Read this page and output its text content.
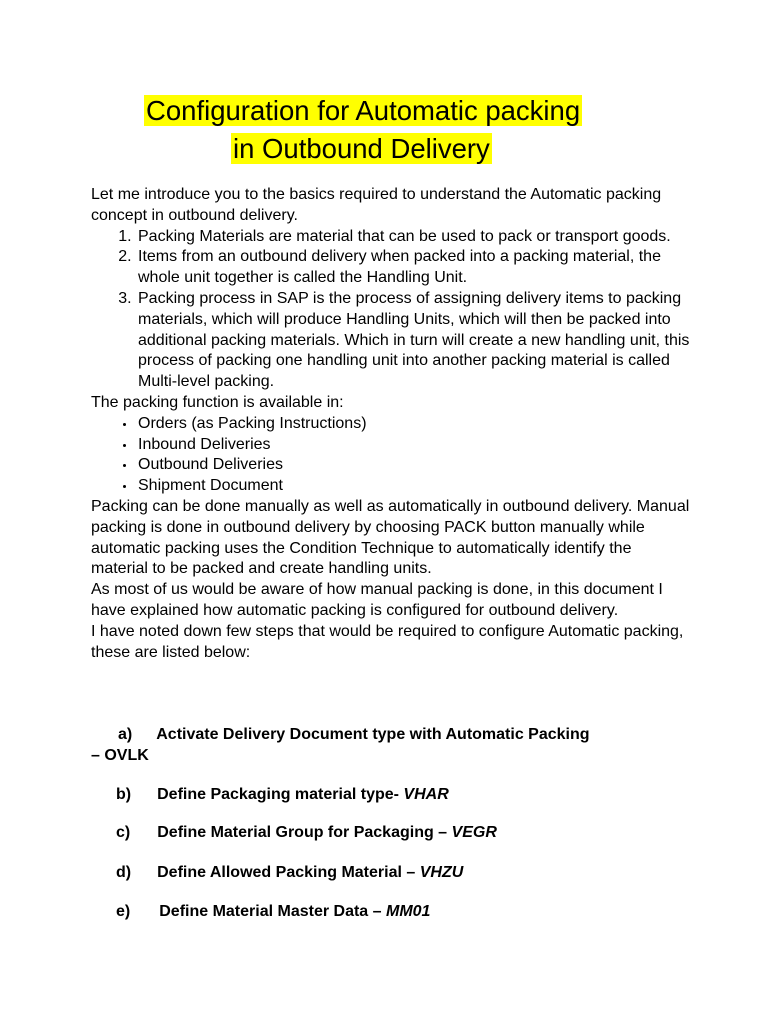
Configuration for Automatic packing
in Outbound Delivery

Let me introduce you to the basics required to understand the Automatic packing concept in outbound delivery.

1. Packing Materials are material that can be used to pack or transport goods.
2. Items from an outbound delivery when packed into a packing material, the whole unit together is called the Handling Unit.
3. Packing process in SAP is the process of assigning delivery items to packing materials, which will produce Handling Units, which will then be packed into additional packing materials. Which in turn will create a new handling unit, this process of packing one handling unit into another packing material is called Multi-level packing.

The packing function is available in:

• Orders (as Packing Instructions)
• Inbound Deliveries
• Outbound Deliveries
• Shipment Document

Packing can be done manually as well as automatically in outbound delivery. Manual packing is done in outbound delivery by choosing PACK button manually while automatic packing uses the Condition Technique to automatically identify the material to be packed and create handling units.

As most of us would be aware of how manual packing is done, in this document I have explained how automatic packing is configured for outbound delivery.

I have noted down few steps that would be required to configure Automatic packing, these are listed below:

a) Activate Delivery Document type with Automatic Packing
– OVLK
b) Define Packaging material type- VHAR
c) Define Material Group for Packaging – VEGR
d) Define Allowed Packing Material – VHZU
e) Define Material Master Data – MM01
